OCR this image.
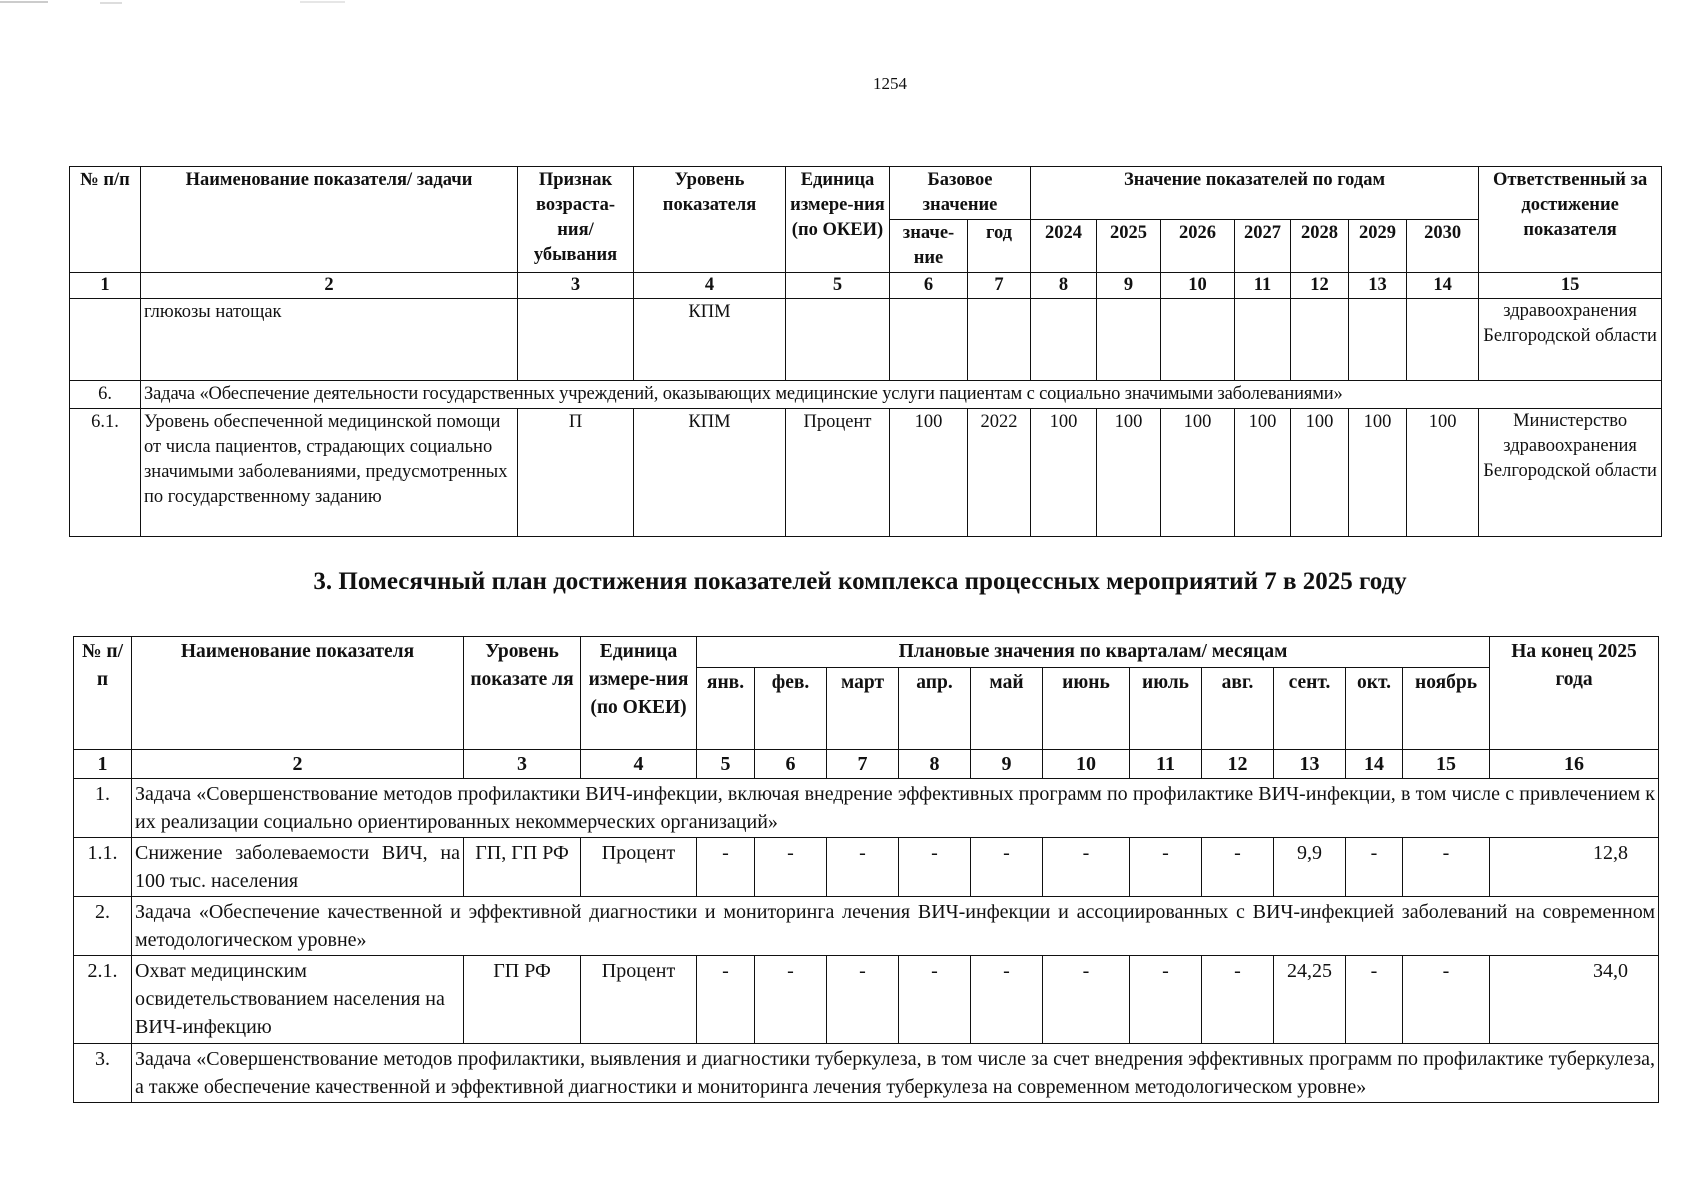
1254
№ п/п	Наименование показателя/ задачи	Признак возраста-ния/ убывания	Уровень показателя	Единица измере-ния (по ОКЕИ)	Базовое значение		Значение показателей по годам							Ответственный за достижение показателя
					значе-ние	год	2024	2025	2026	2027	2028	2029	2030	
1	2	3	4	5	6	7	8	9	10	11	12	13	14	15
	глюкозы натощак		КПМ											здравоохранения Белгородской области
6.	Задача «Обеспечение деятельности государственных учреждений, оказывающих медицинские услуги пациентам с социально значимыми заболеваниями»													
6.1.	Уровень обеспеченной медицинской помощи от числа пациентов, страдающих социально значимыми заболеваниями, предусмотренных по государственному заданию	П	КПМ	Процент	100	2022	100	100	100	100	100	100	100	Министерство здравоохранения Белгородской области
3. Помесячный план достижения показателей комплекса процессных мероприятий 7 в 2025 году
№ п/п	Наименование показателя	Уровень показате ля	Единица измере-ния (по ОКЕИ)	Плановые значения по кварталам/ месяцам											На конец 2025 года
				янв.	фев.	март	апр.	май	июнь	июль	авг.	сент.	окт.	ноябрь	
1	2	3	4	5	6	7	8	9	10	11	12	13	14	15	16
1.	Задача «Совершенствование методов профилактики ВИЧ-инфекции, включая внедрение эффективных программ по профилактике ВИЧ-инфекции, в том числе с привлечением к их реализации социально ориентированных некоммерческих организаций»														
1.1.	Снижение заболеваемости ВИЧ, на 100 тыс. населения	ГП, ГП РФ	Процент	-	-	-	-	-	-	-	-	9,9	-	-	12,8
2.	Задача «Обеспечение качественной и эффективной диагностики и мониторинга лечения ВИЧ-инфекции и ассоциированных с ВИЧ-инфекцией заболеваний на современном методологическом уровне»														
2.1.	Охват медицинским освидетельствованием населения на ВИЧ-инфекцию	ГП РФ	Процент	-	-	-	-	-	-	-	-	24,25	-	-	34,0
3.	Задача «Совершенствование методов профилактики, выявления и диагностики туберкулеза, в том числе за счет внедрения эффективных программ по профилактике туберкулеза, а также обеспечение качественной и эффективной диагностики и мониторинга лечения туберкулеза на современном методологическом уровне»														
